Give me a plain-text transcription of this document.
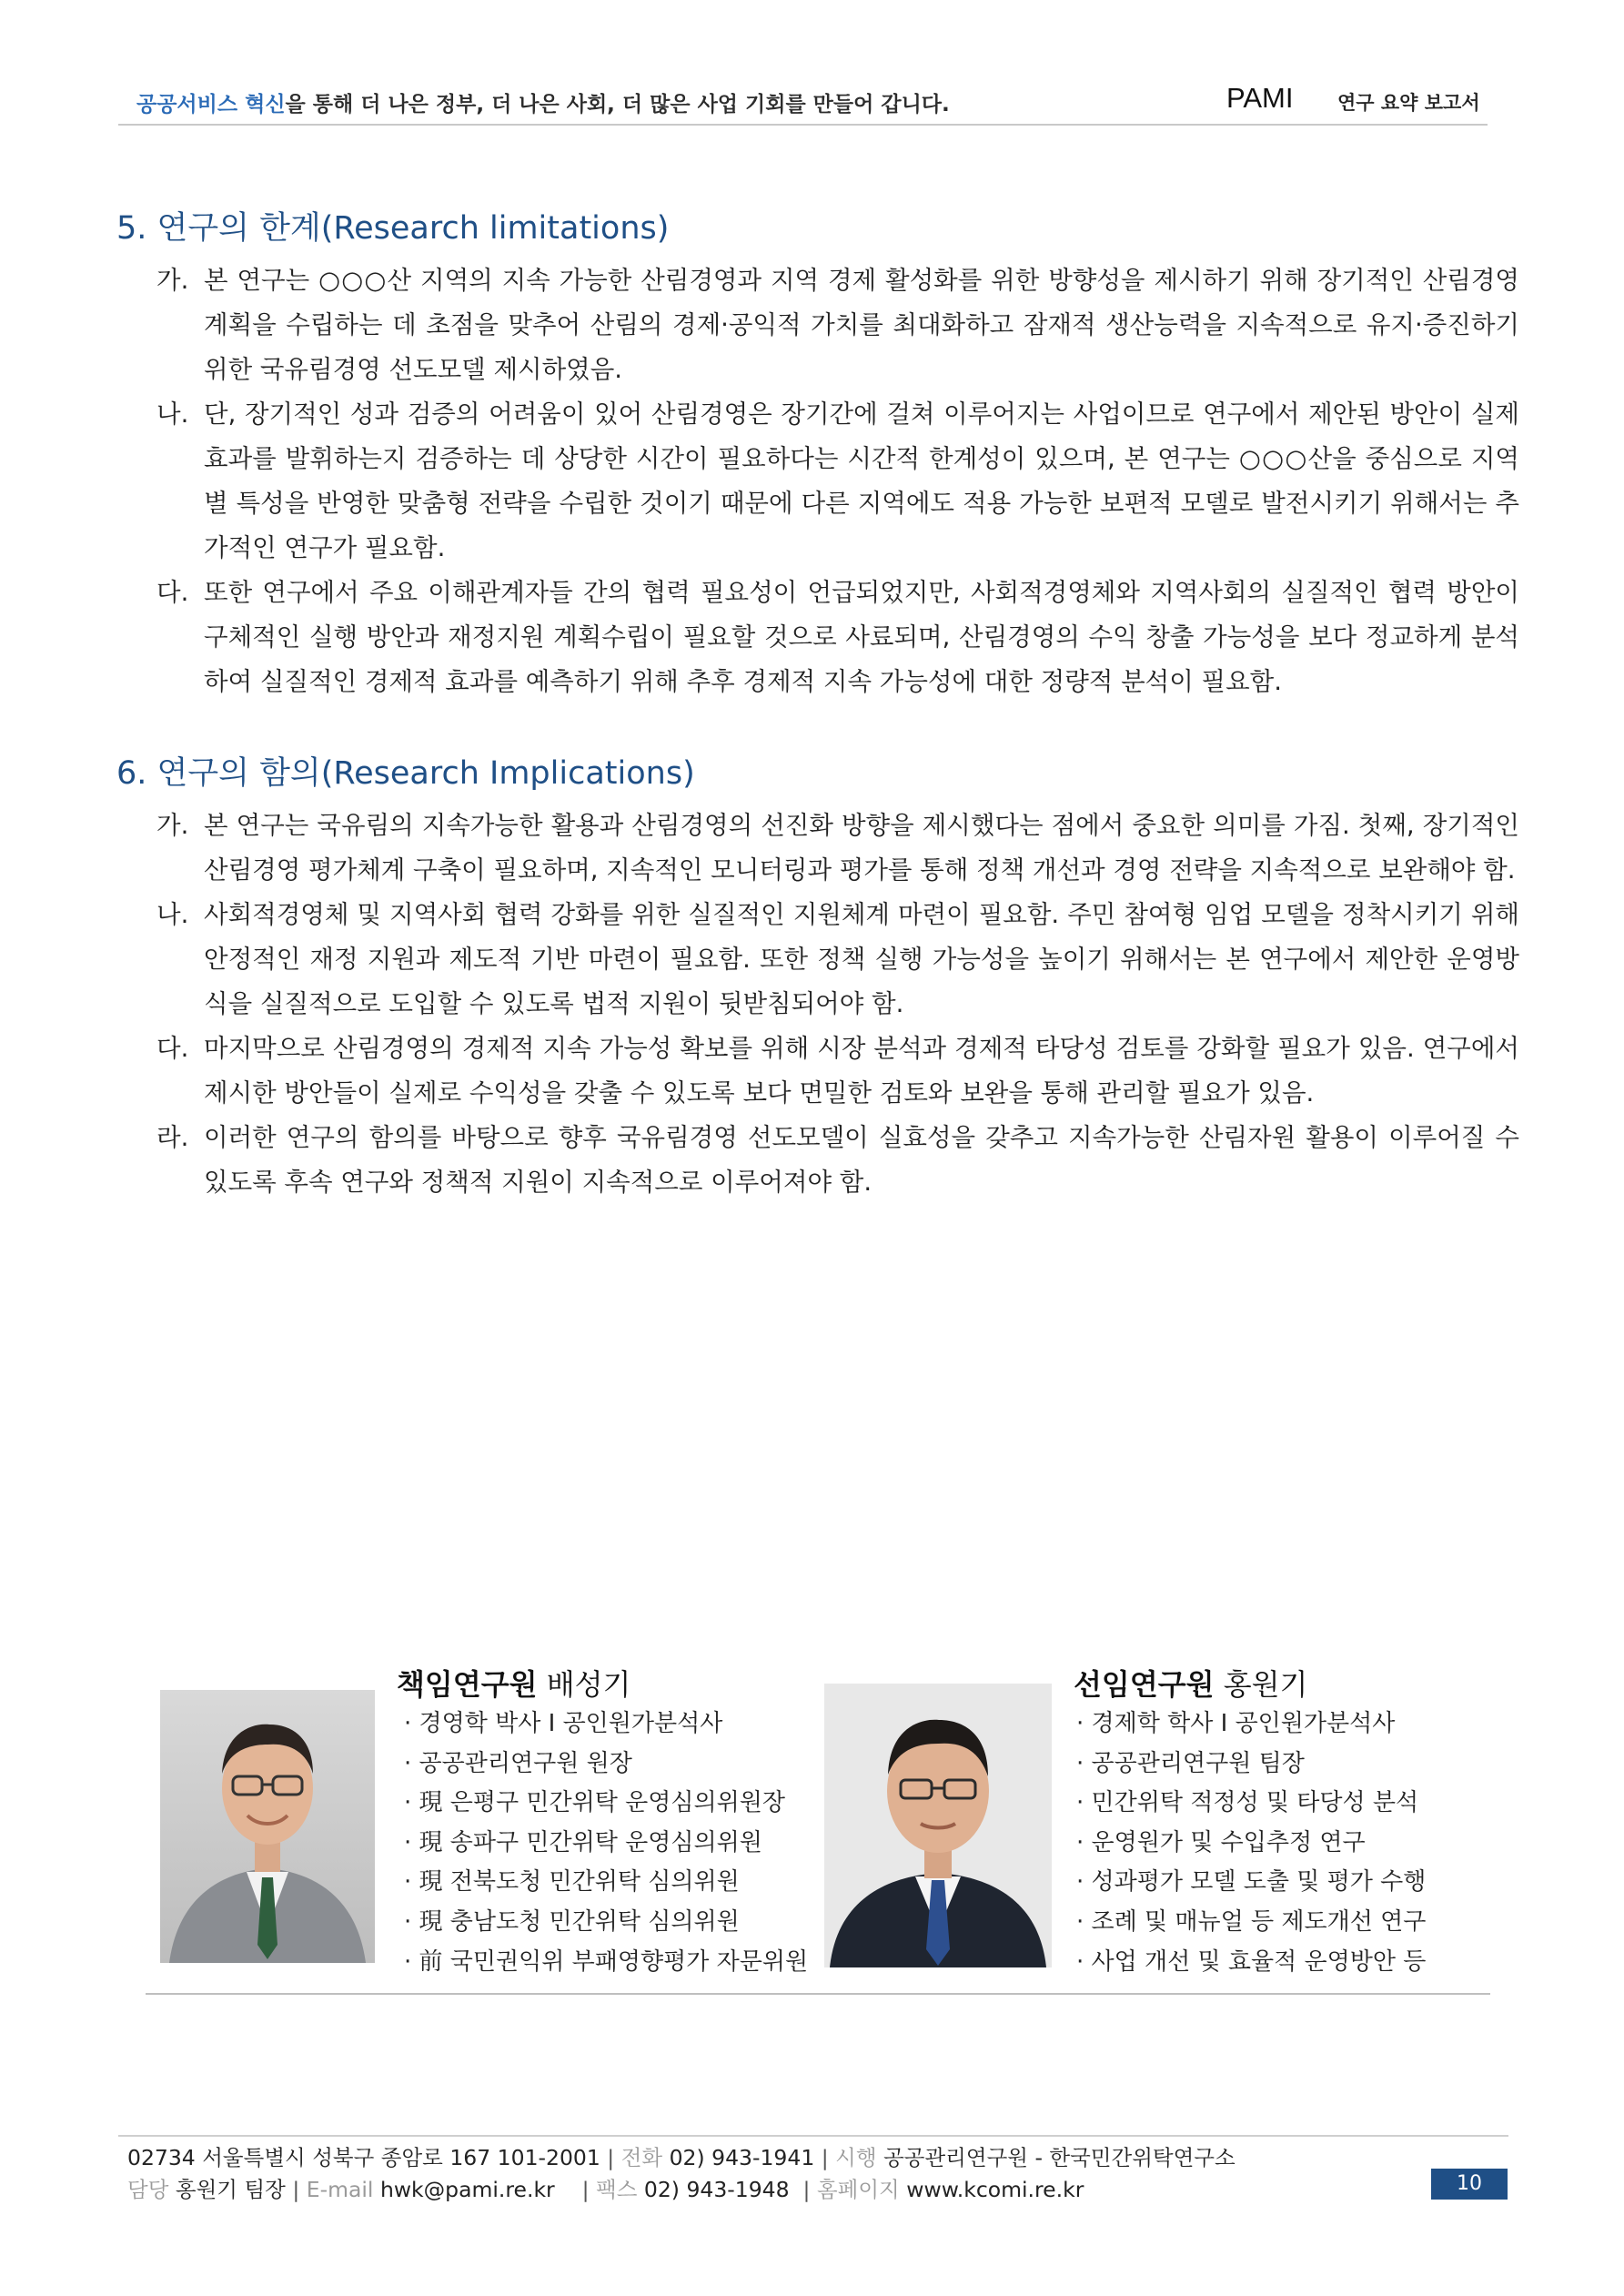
공공서비스 혁신을 통해 더 나은 정부, 더 나은 사회, 더 많은 사업 기회를 만들어 갑니다.	PAMI 연구 요약 보고서
5. 연구의 한계(Research limitations)
가. 본 연구는 ○○○산 지역의 지속 가능한 산림경영과 지역 경제 활성화를 위한 방향성을 제시하기 위해 장기적인 산림경영 계획을 수립하는 데 초점을 맞추어 산림의 경제·공익적 가치를 최대화하고 잠재적 생산능력을 지속적으로 유지·증진하기 위한 국유림경영 선도모델 제시하였음.
나. 단, 장기적인 성과 검증의 어려움이 있어 산림경영은 장기간에 걸쳐 이루어지는 사업이므로 연구에서 제안된 방안이 실제 효과를 발휘하는지 검증하는 데 상당한 시간이 필요하다는 시간적 한계성이 있으며, 본 연구는 ○○○산을 중심으로 지역별 특성을 반영한 맞춤형 전략을 수립한 것이기 때문에 다른 지역에도 적용 가능한 보편적 모델로 발전시키기 위해서는 추가적인 연구가 필요함.
다. 또한 연구에서 주요 이해관계자들 간의 협력 필요성이 언급되었지만, 사회적경영체와 지역사회의 실질적인 협력 방안이 구체적인 실행 방안과 재정지원 계획수립이 필요할 것으로 사료되며, 산림경영의 수익 창출 가능성을 보다 정교하게 분석하여 실질적인 경제적 효과를 예측하기 위해 추후 경제적 지속 가능성에 대한 정량적 분석이 필요함.
6. 연구의 함의(Research Implications)
가. 본 연구는 국유림의 지속가능한 활용과 산림경영의 선진화 방향을 제시했다는 점에서 중요한 의미를 가짐. 첫째, 장기적인 산림경영 평가체계 구축이 필요하며, 지속적인 모니터링과 평가를 통해 정책 개선과 경영 전략을 지속적으로 보완해야 함.
나. 사회적경영체 및 지역사회 협력 강화를 위한 실질적인 지원체계 마련이 필요함. 주민 참여형 임업 모델을 정착시키기 위해 안정적인 재정 지원과 제도적 기반 마련이 필요함. 또한 정책 실행 가능성을 높이기 위해서는 본 연구에서 제안한 운영방식을 실질적으로 도입할 수 있도록 법적 지원이 뒷받침되어야 함.
다. 마지막으로 산림경영의 경제적 지속 가능성 확보를 위해 시장 분석과 경제적 타당성 검토를 강화할 필요가 있음. 연구에서 제시한 방안들이 실제로 수익성을 갖출 수 있도록 보다 면밀한 검토와 보완을 통해 관리할 필요가 있음.
라. 이러한 연구의 함의를 바탕으로 향후 국유림경영 선도모델이 실효성을 갖추고 지속가능한 산림자원 활용이 이루어질 수 있도록 후속 연구와 정책적 지원이 지속적으로 이루어져야 함.
책임연구원 배성기
· 경영학 박사 I 공인원가분석사
· 공공관리연구원 원장
· 現 은평구 민간위탁 운영심의위원장
· 現 송파구 민간위탁 운영심의위원
· 現 전북도청 민간위탁 심의위원
· 現 충남도청 민간위탁 심의위원
· 前 국민권익위 부패영향평가 자문위원
선임연구원 홍원기
· 경제학 학사 I 공인원가분석사
· 공공관리연구원 팀장
· 민간위탁 적정성 및 타당성 분석
· 운영원가 및 수입추정 연구
· 성과평가 모델 도출 및 평가 수행
· 조례 및 매뉴얼 등 제도개선 연구
· 사업 개선 및 효율적 운영방안 등
02734 서울특별시 성북구 종암로 167 101-2001 | 전화 02) 943-1941 | 시행 공공관리연구원 - 한국민간위탁연구소
담당 홍원기 팀장 | E-mail hwk@pami.re.kr    | 팩스 02) 943-1948  | 홈페이지 www.kcomi.re.kr	10
